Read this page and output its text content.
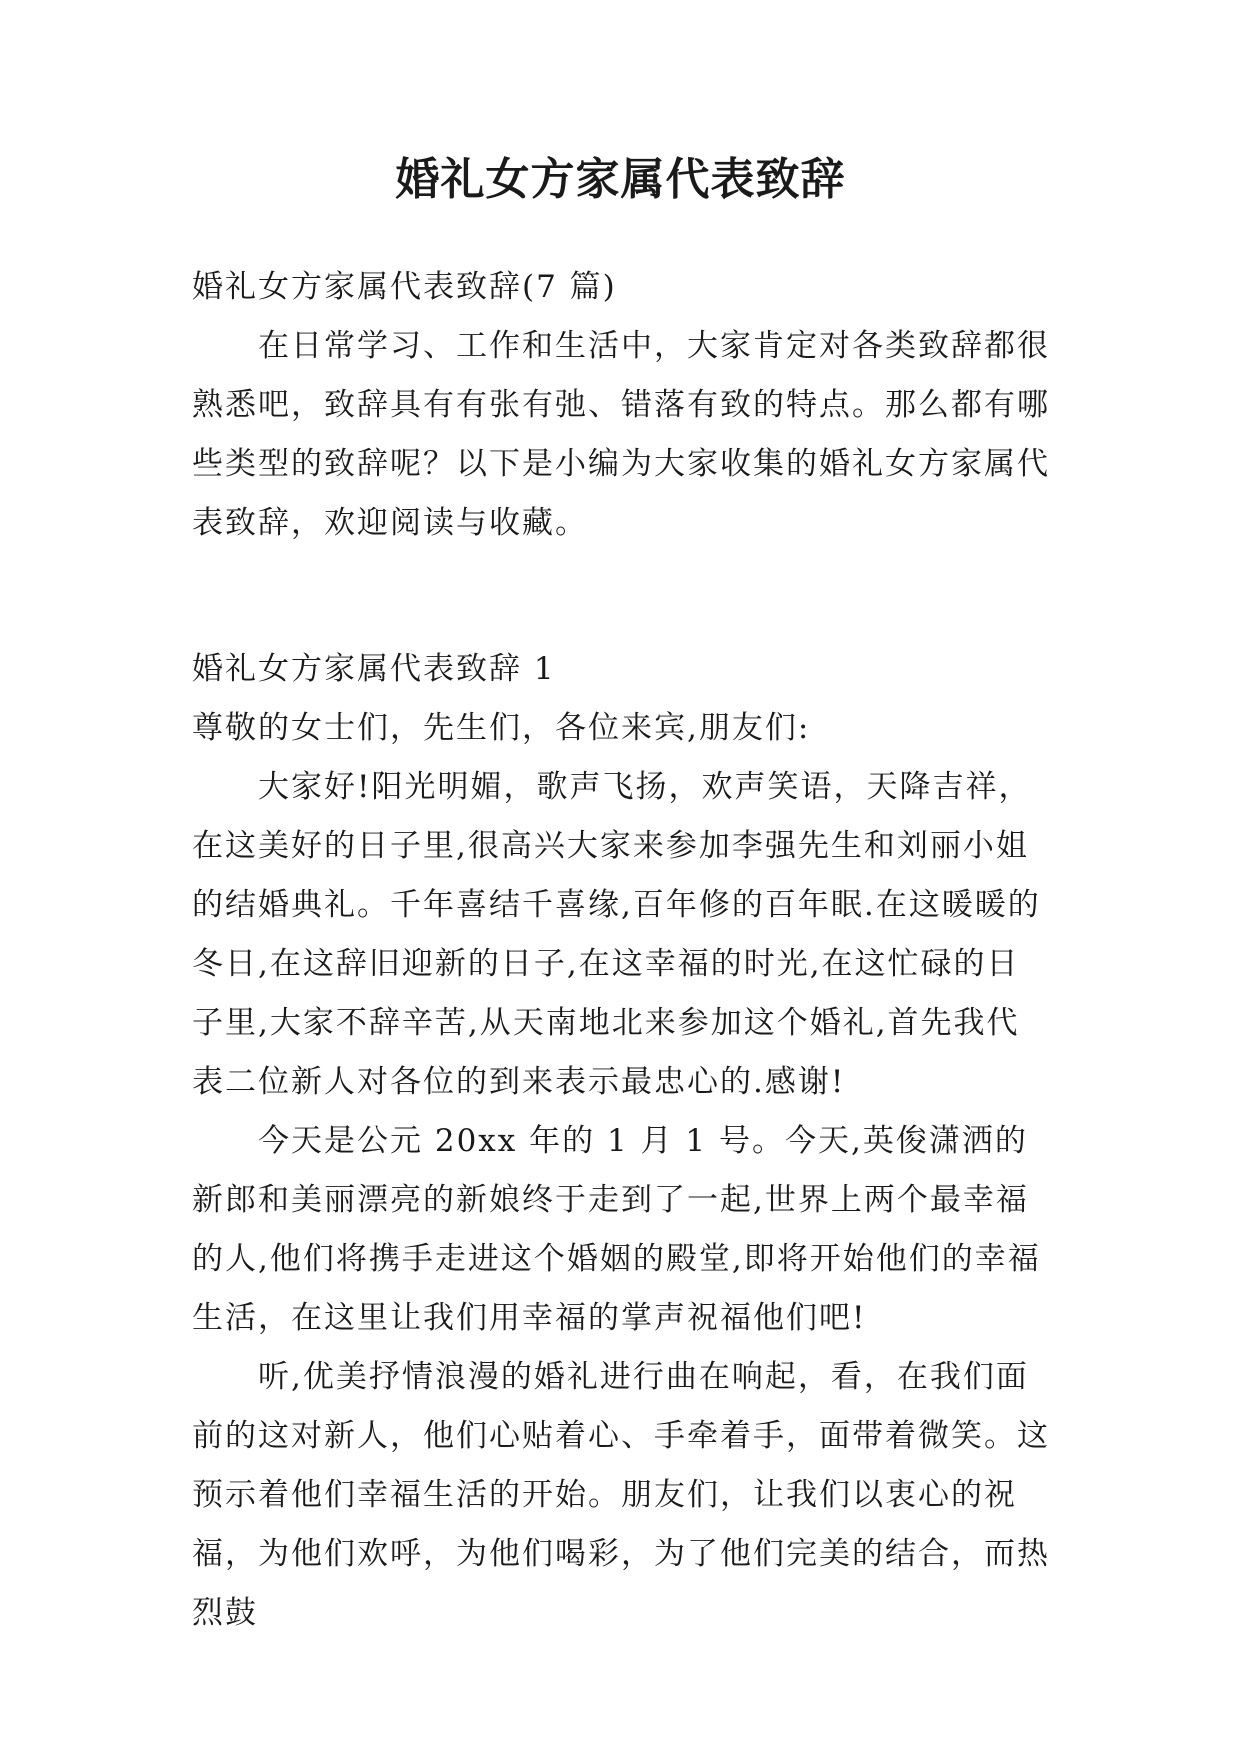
婚礼女方家属代表致辞

婚礼女方家属代表致辞(7 篇)

在日常学习、工作和生活中，大家肯定对各类致辞都很熟悉吧，致辞具有有张有弛、错落有致的特点。那么都有哪些类型的致辞呢？以下是小编为大家收集的婚礼女方家属代表致辞，欢迎阅读与收藏。

婚礼女方家属代表致辞 1

尊敬的女士们，先生们，各位来宾,朋友们:

大家好!阳光明媚，歌声飞扬，欢声笑语，天降吉祥，在这美好的日子里,很高兴大家来参加李强先生和刘丽小姐的结婚典礼。千年喜结千喜缘,百年修的百年眠.在这暖暖的冬日,在这辞旧迎新的日子,在这幸福的时光,在这忙碌的日子里,大家不辞辛苦,从天南地北来参加这个婚礼,首先我代表二位新人对各位的到来表示最忠心的.感谢!

今天是公元 20xx 年的 1 月 1 号。今天,英俊潇洒的新郎和美丽漂亮的新娘终于走到了一起,世界上两个最幸福的人,他们将携手走进这个婚姻的殿堂,即将开始他们的幸福生活，在这里让我们用幸福的掌声祝福他们吧!

听,优美抒情浪漫的婚礼进行曲在响起，看，在我们面前的这对新人，他们心贴着心、手牵着手，面带着微笑。这预示着他们幸福生活的开始。朋友们，让我们以衷心的祝福，为他们欢呼，为他们喝彩，为了他们完美的结合，而热烈鼓
